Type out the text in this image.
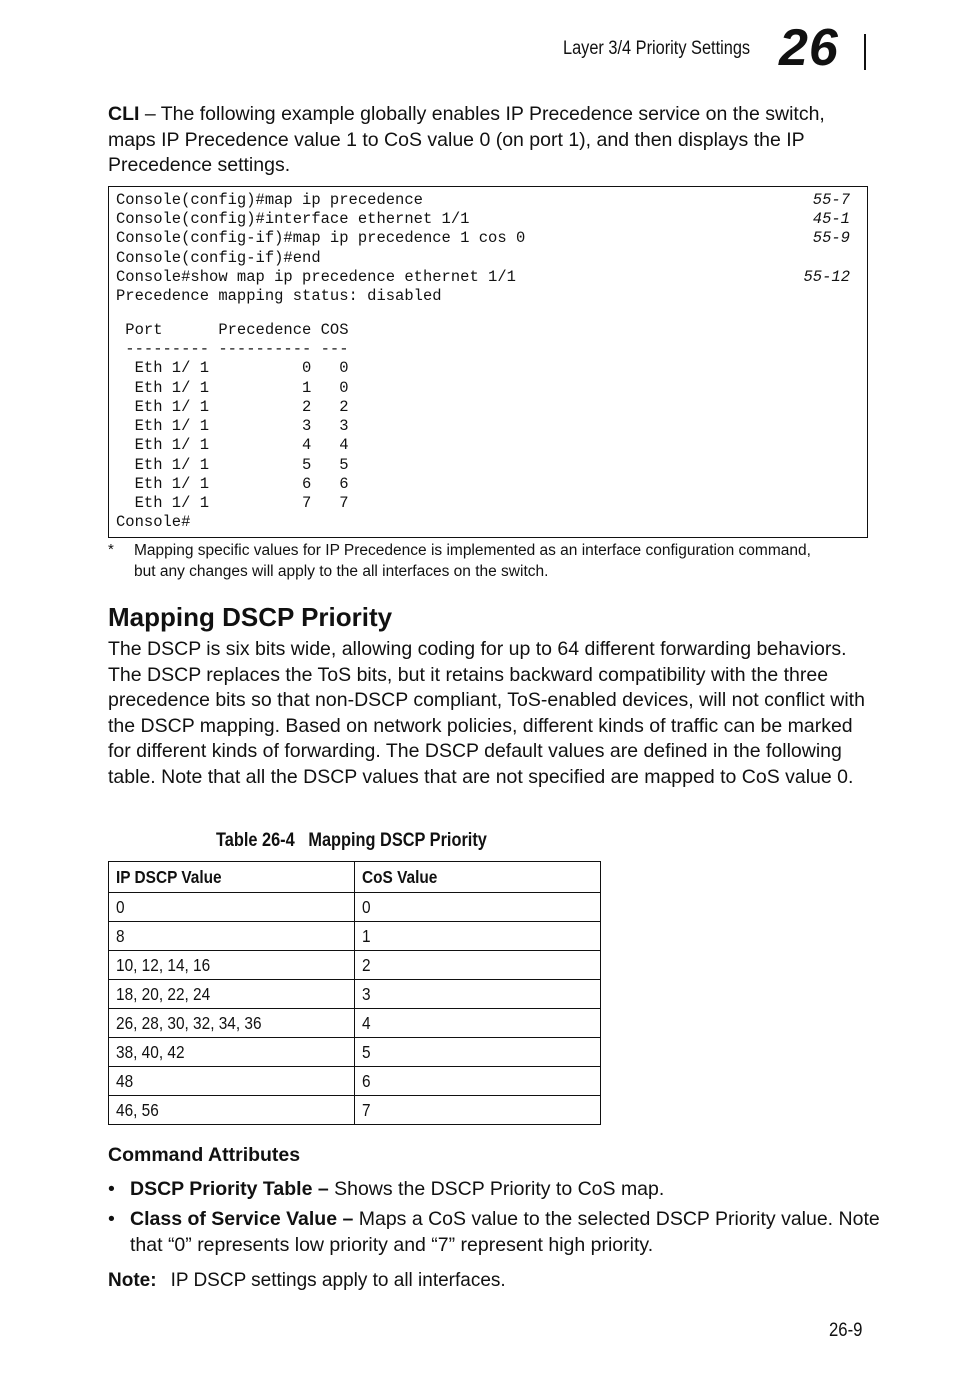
Layer 3/4 Priority Settings 26
CLI – The following example globally enables IP Precedence service on the switch, maps IP Precedence value 1 to CoS value 0 (on port 1), and then displays the IP Precedence settings.
Console(config)#map ip precedence	55-7
Console(config)#interface ethernet 1/1	45-1
Console(config-if)#map ip precedence 1 cos 0	55-9
Console(config-if)#end
Console#show map ip precedence ethernet 1/1	55-12
Precedence mapping status: disabled
Port      Precedence COS
--------- ---------- ---
Eth 1/ 1          0   0
Eth 1/ 1          1   0
Eth 1/ 1          2   2
Eth 1/ 1          3   3
Eth 1/ 1          4   4
Eth 1/ 1          5   5
Eth 1/ 1          6   6
Eth 1/ 1          7   7
Console#
* Mapping specific values for IP Precedence is implemented as an interface configuration command, but any changes will apply to the all interfaces on the switch.
Mapping DSCP Priority
The DSCP is six bits wide, allowing coding for up to 64 different forwarding behaviors. The DSCP replaces the ToS bits, but it retains backward compatibility with the three precedence bits so that non-DSCP compliant, ToS-enabled devices, will not conflict with the DSCP mapping. Based on network policies, different kinds of traffic can be marked for different kinds of forwarding. The DSCP default values are defined in the following table. Note that all the DSCP values that are not specified are mapped to CoS value 0.
Table 26-4   Mapping DSCP Priority
IP DSCP Value	CoS Value
0	0
8	1
10, 12, 14, 16	2
18, 20, 22, 24	3
26, 28, 30, 32, 34, 36	4
38, 40, 42	5
48	6
46, 56	7
Command Attributes
• DSCP Priority Table – Shows the DSCP Priority to CoS map.
• Class of Service Value – Maps a CoS value to the selected DSCP Priority value. Note that “0” represents low priority and “7” represent high priority.
Note: IP DSCP settings apply to all interfaces.
26-9
